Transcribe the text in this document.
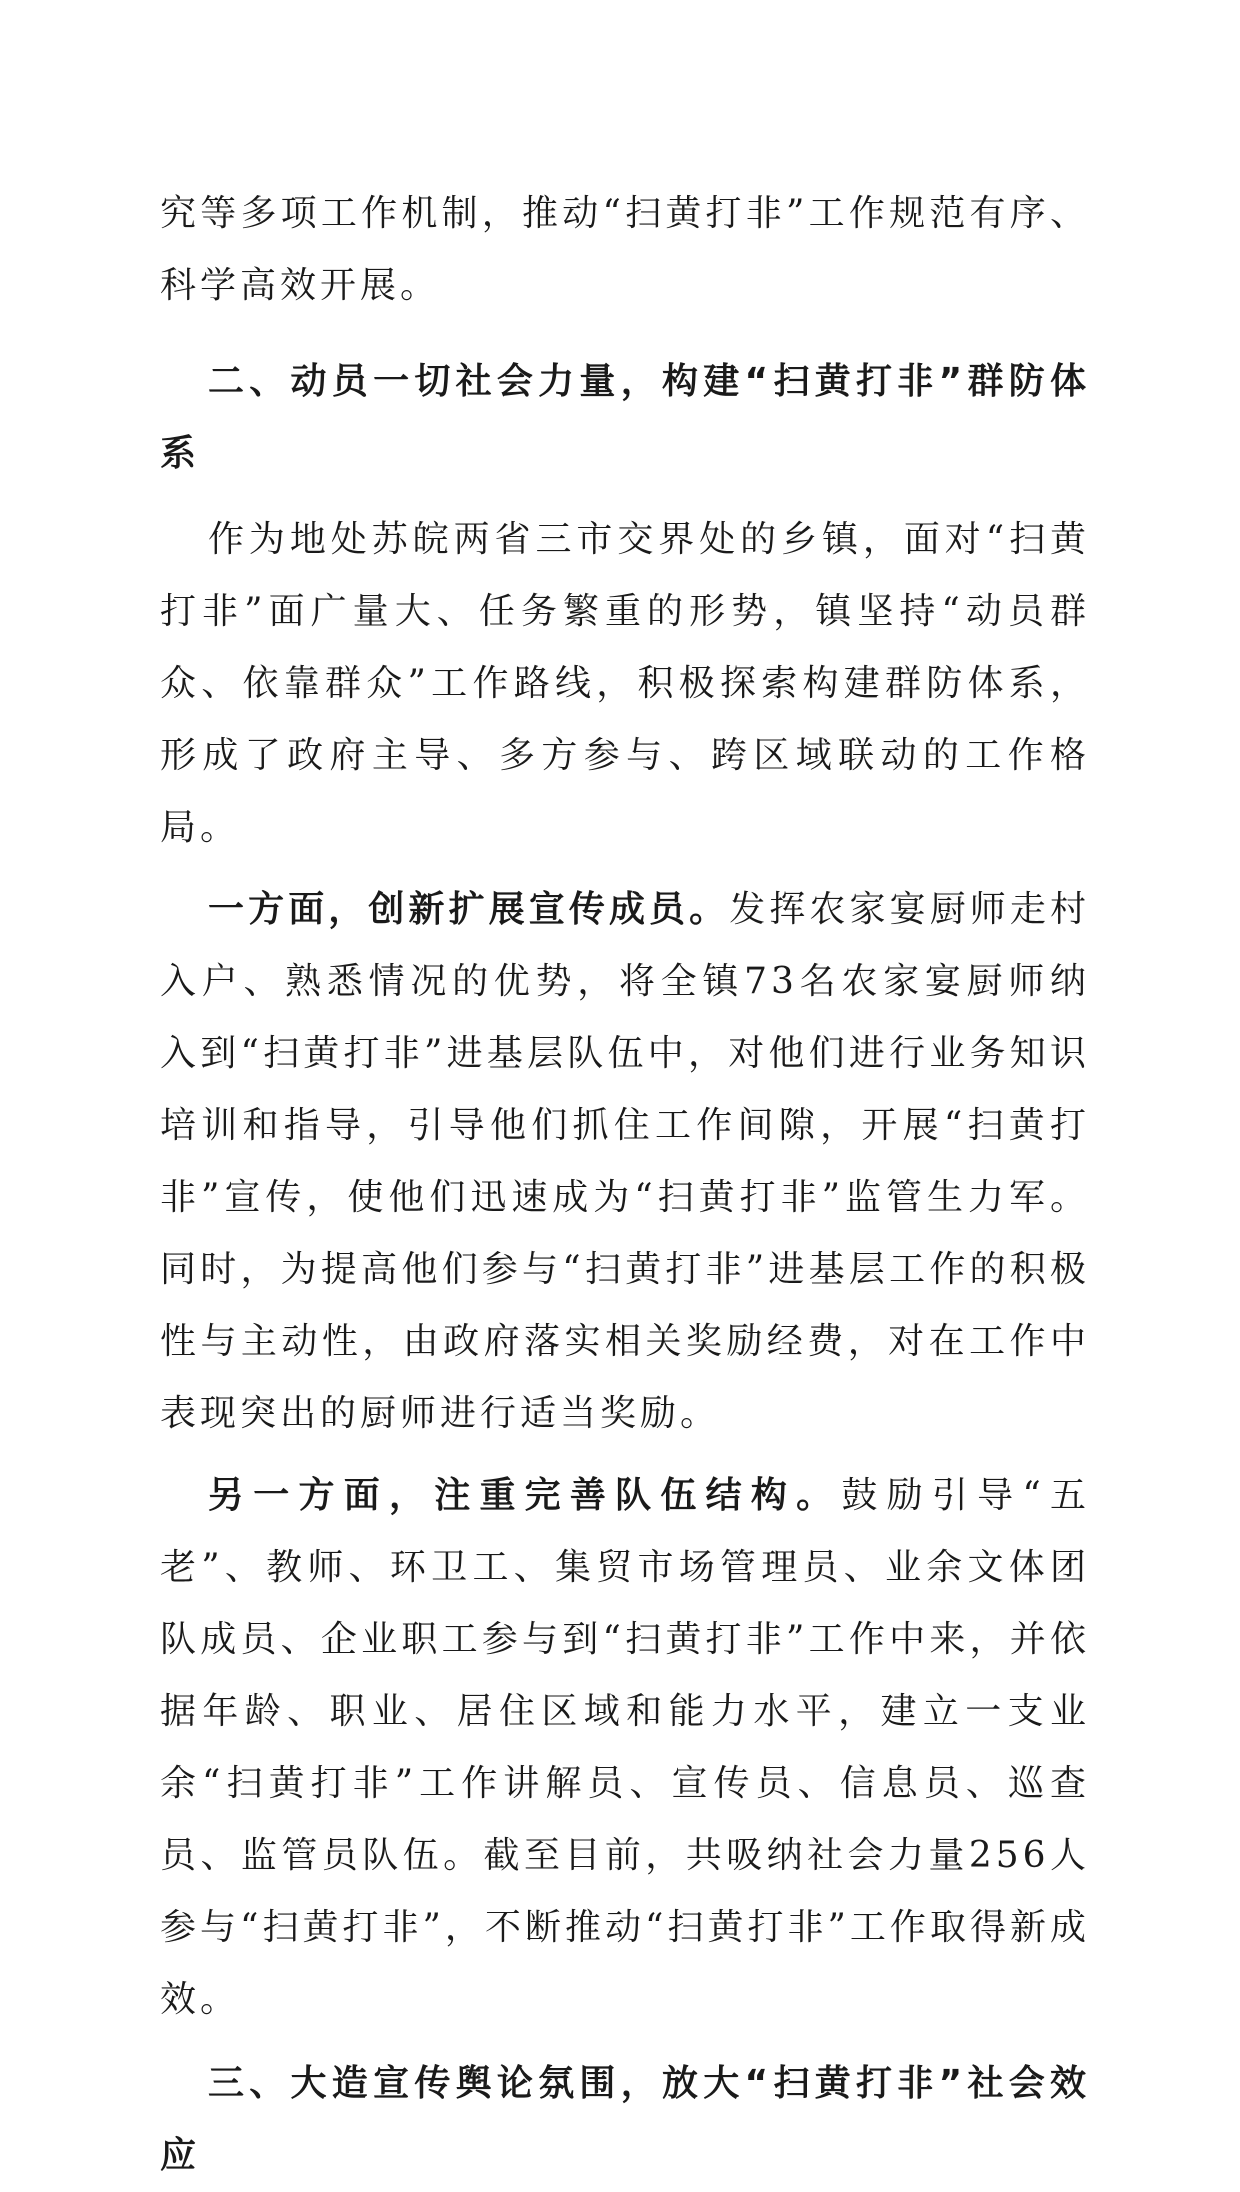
究等多项工作机制，推动“扫黄打非”工作规范有序、科学高效开展。

二、动员一切社会力量，构建“扫黄打非”群防体系

作为地处苏皖两省三市交界处的乡镇，面对“扫黄打非”面广量大、任务繁重的形势，镇坚持“动员群众、依靠群众”工作路线，积极探索构建群防体系，形成了政府主导、多方参与、跨区域联动的工作格局。

一方面，创新扩展宣传成员。发挥农家宴厨师走村入户、熟悉情况的优势，将全镇73名农家宴厨师纳入到“扫黄打非”进基层队伍中，对他们进行业务知识培训和指导，引导他们抓住工作间隙，开展“扫黄打非”宣传，使他们迅速成为“扫黄打非”监管生力军。同时，为提高他们参与“扫黄打非”进基层工作的积极性与主动性，由政府落实相关奖励经费，对在工作中表现突出的厨师进行适当奖励。

另一方面，注重完善队伍结构。鼓励引导“五老”、教师、环卫工、集贸市场管理员、业余文体团队成员、企业职工参与到“扫黄打非”工作中来，并依据年龄、职业、居住区域和能力水平，建立一支业余“扫黄打非”工作讲解员、宣传员、信息员、巡查员、监管员队伍。截至目前，共吸纳社会力量256人参与“扫黄打非”，不断推动“扫黄打非”工作取得新成效。

三、大造宣传舆论氛围，放大“扫黄打非”社会效应
